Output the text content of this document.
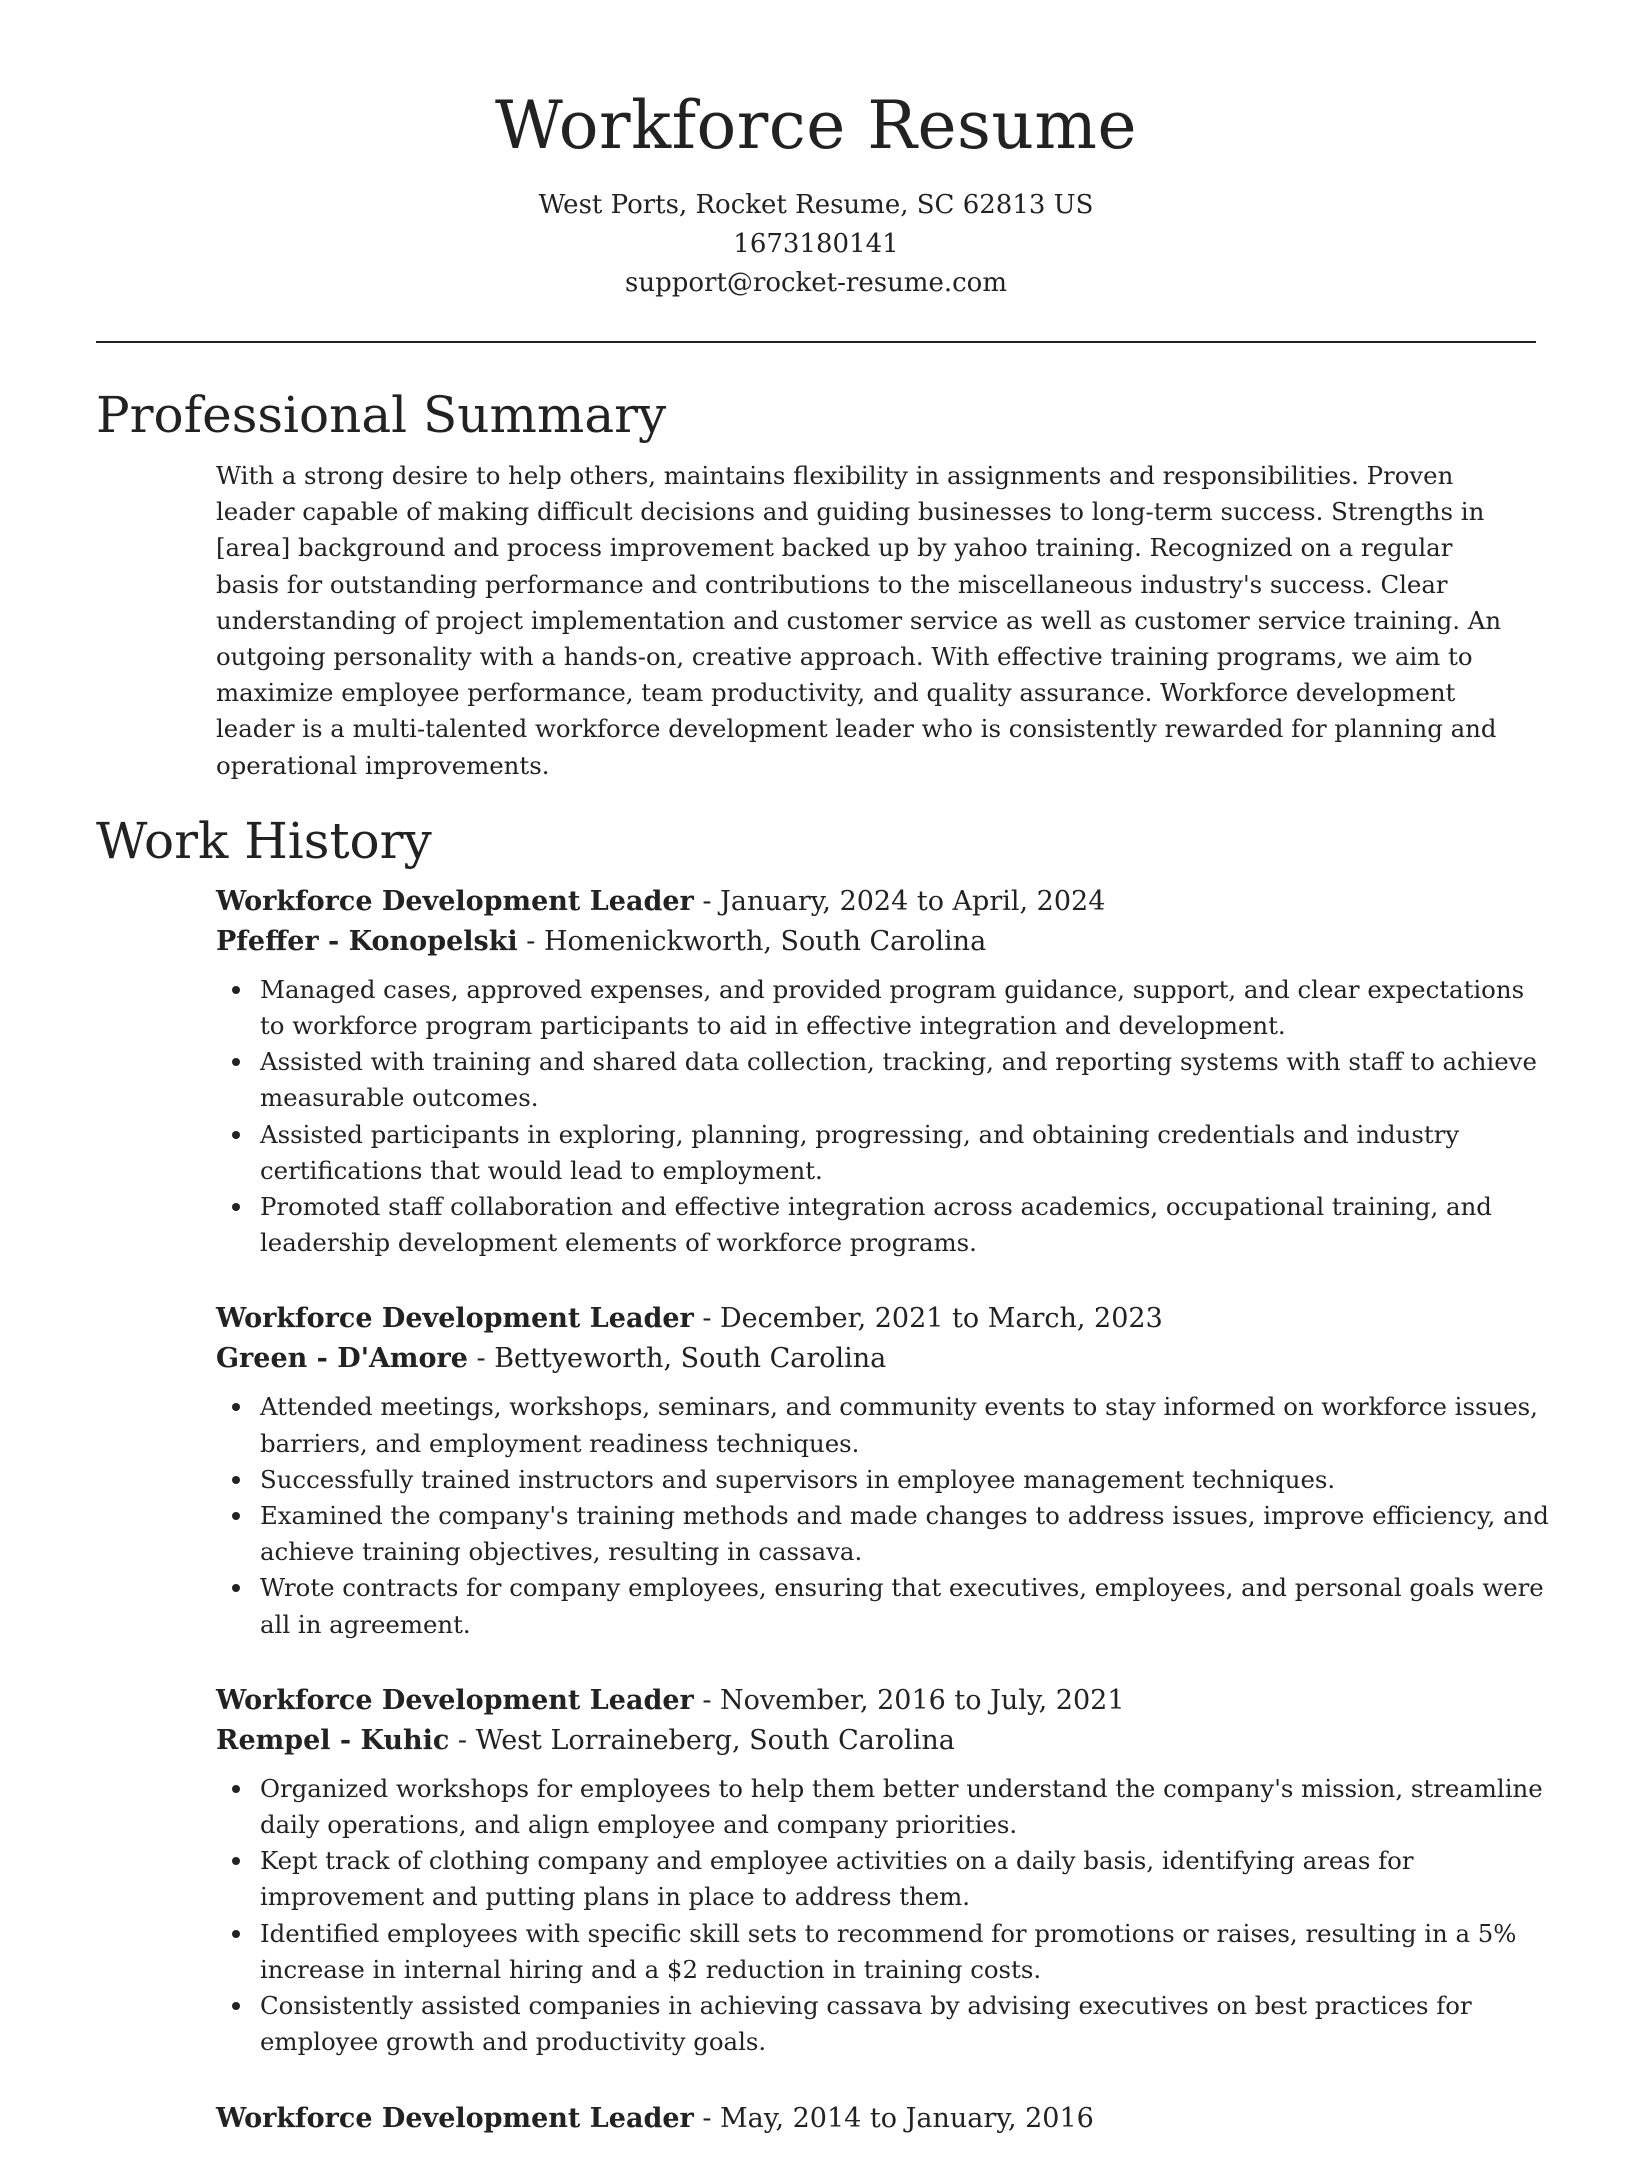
Workforce Resume

West Ports, Rocket Resume, SC 62813 US

1673180141

support@rocket-resume.com

Professional Summary

With a strong desire to help others, maintains flexibility in assignments and responsibilities. Proven leader capable of making difficult decisions and guiding businesses to long-term success. Strengths in [area] background and process improvement backed up by yahoo training. Recognized on a regular basis for outstanding performance and contributions to the miscellaneous industry's success. Clear understanding of project implementation and customer service as well as customer service training. An outgoing personality with a hands-on, creative approach. With effective training programs, we aim to maximize employee performance, team productivity, and quality assurance. Workforce development leader is a multi-talented workforce development leader who is consistently rewarded for planning and operational improvements.

Work History

Workforce Development Leader - January, 2024 to April, 2024

Pfeffer - Konopelski - Homenickworth, South Carolina

Managed cases, approved expenses, and provided program guidance, support, and clear expectations to workforce program participants to aid in effective integration and development.
Assisted with training and shared data collection, tracking, and reporting systems with staff to achieve measurable outcomes.
Assisted participants in exploring, planning, progressing, and obtaining credentials and industry certifications that would lead to employment.
Promoted staff collaboration and effective integration across academics, occupational training, and leadership development elements of workforce programs.

Workforce Development Leader - December, 2021 to March, 2023

Green - D'Amore - Bettyeworth, South Carolina

Attended meetings, workshops, seminars, and community events to stay informed on workforce issues, barriers, and employment readiness techniques.
Successfully trained instructors and supervisors in employee management techniques.
Examined the company's training methods and made changes to address issues, improve efficiency, and achieve training objectives, resulting in cassava.
Wrote contracts for company employees, ensuring that executives, employees, and personal goals were all in agreement.

Workforce Development Leader - November, 2016 to July, 2021

Rempel - Kuhic - West Lorraineberg, South Carolina

Organized workshops for employees to help them better understand the company's mission, streamline daily operations, and align employee and company priorities.
Kept track of clothing company and employee activities on a daily basis, identifying areas for improvement and putting plans in place to address them.
Identified employees with specific skill sets to recommend for promotions or raises, resulting in a 5% increase in internal hiring and a $2 reduction in training costs.
Consistently assisted companies in achieving cassava by advising executives on best practices for employee growth and productivity goals.

Workforce Development Leader - May, 2014 to January, 2016
